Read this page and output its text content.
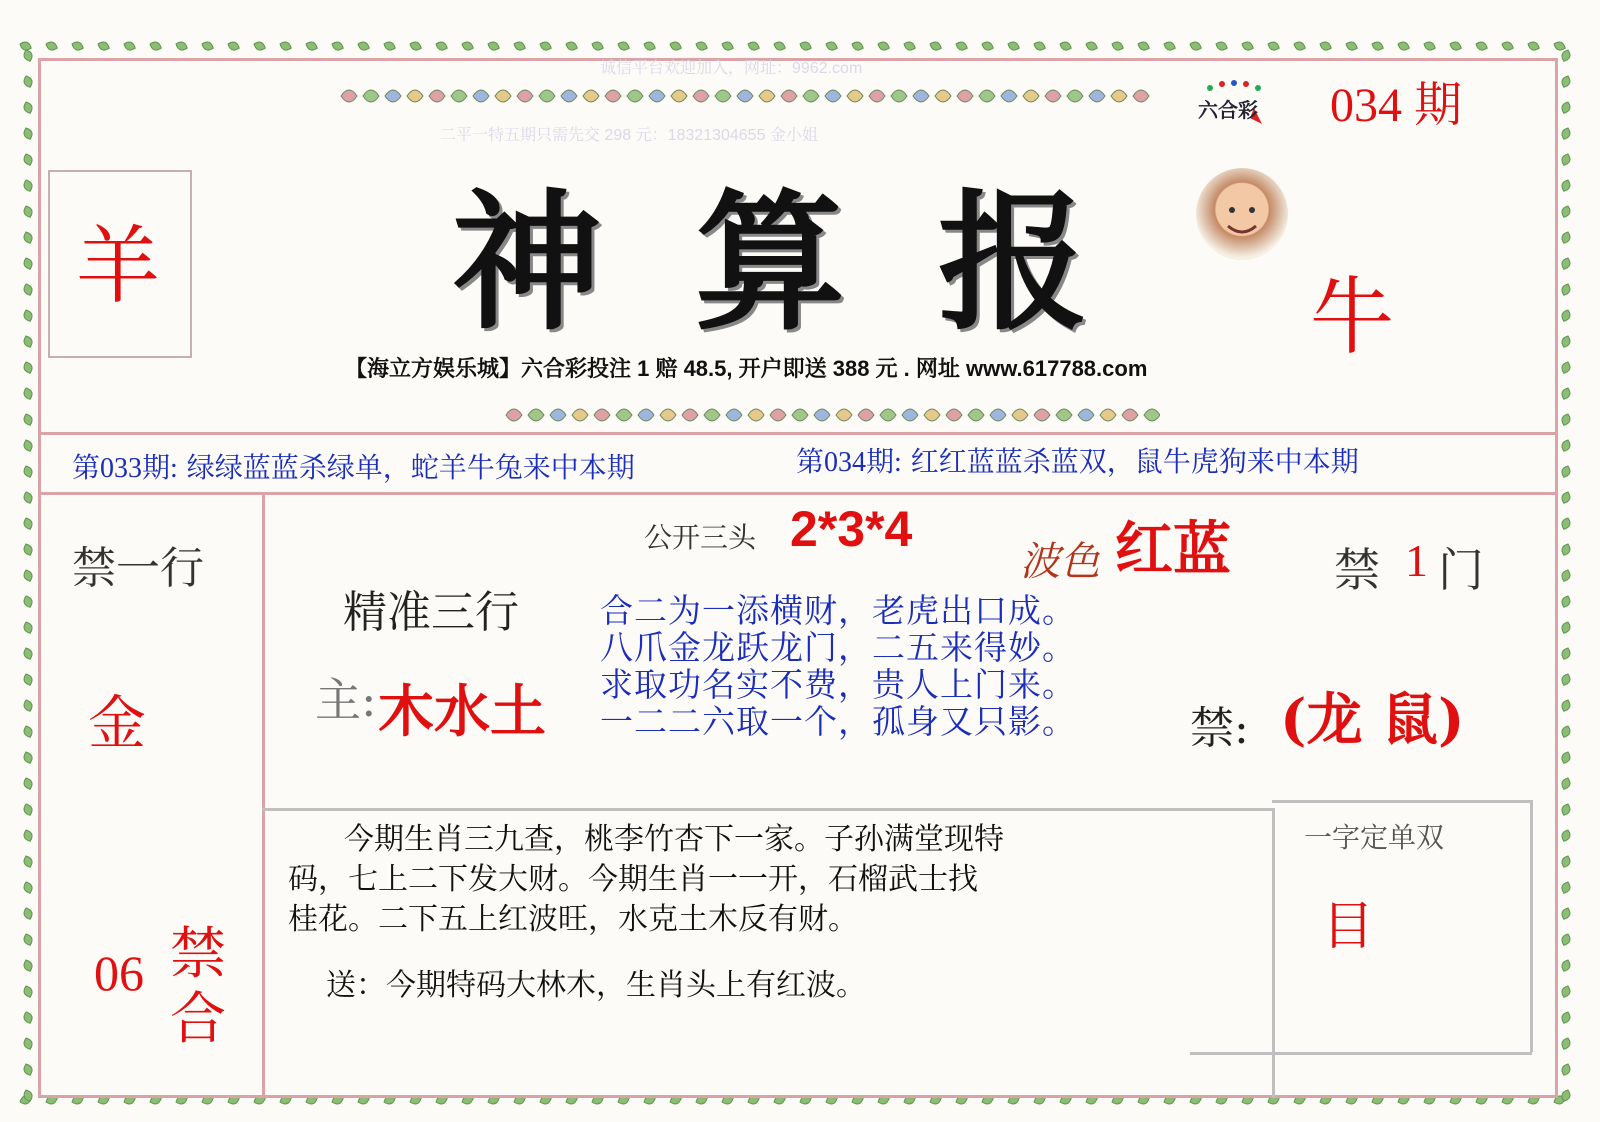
诚信平台欢迎加入，网址：9962.com
二平一特五期只需先交 298 元：18321304655 金小姐
六合彩 034 期
羊 神 算 报	牛
【海立方娱乐城】六合彩投注 1 赔 48.5, 开户即送 388 元 . 网址 www.617788.com
第033期: 绿绿蓝蓝杀绿单，蛇羊牛兔来中本期	第034期: 红红蓝蓝杀蓝双，鼠牛虎狗来中本期
禁一行
金
06 禁
合
公开三头 2*3*4
波色 红蓝 禁 1 门
精准三行
主: 木水土
合二为一添横财，老虎出口成。
八爪金龙跃龙门，二五来得妙。
求取功名实不费，贵人上门来。
一二二六取一个，孤身又只影。	禁: (龙 鼠)
今期生肖三九查，桃李竹杏下一家。子孙满堂现特
码，七上二下发大财。今期生肖一一开，石榴武士找
桂花。二下五上红波旺，水克土木反有财。
送：今期特码大林木，生肖头上有红波。
一字定单双
目
